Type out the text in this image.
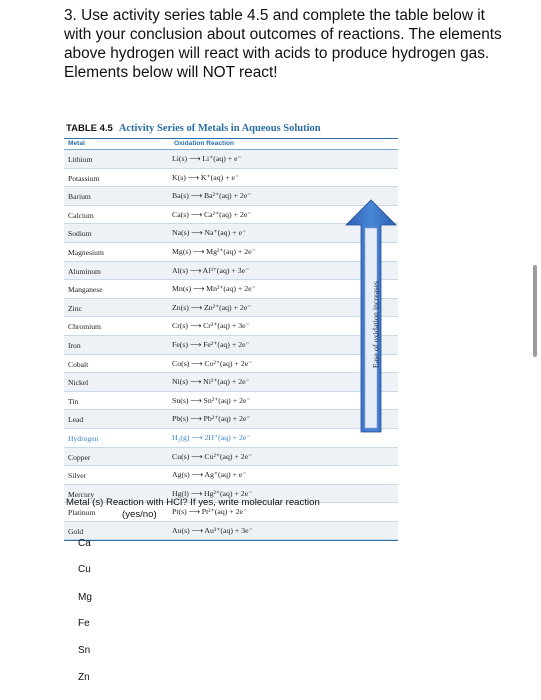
3. Use activity series table 4.5 and complete the table below it with your conclusion about outcomes of reactions. The elements above hydrogen will react with acids to produce hydrogen gas. Elements below will NOT react!
TABLE 4.5 Activity Series of Metals in Aqueous Solution
Metal	Oxidation Reaction
Lithium	Li(s) ⟶ Li⁺(aq) + e⁻
Potassium	K(s) ⟶ K⁺(aq) + e⁻
Barium	Ba(s) ⟶ Ba²⁺(aq) + 2e⁻
Calcium	Ca(s) ⟶ Ca²⁺(aq) + 2e⁻
Sodium	Na(s) ⟶ Na⁺(aq) + e⁻
Magnesium	Mg(s) ⟶ Mg²⁺(aq) + 2e⁻
Aluminum	Al(s) ⟶ Al³⁺(aq) + 3e⁻
Manganese	Mn(s) ⟶ Mn²⁺(aq) + 2e⁻
Zinc	Zn(s) ⟶ Zn²⁺(aq) + 2e⁻
Chromium	Cr(s) ⟶ Cr³⁺(aq) + 3e⁻
Iron	Fe(s) ⟶ Fe²⁺(aq) + 2e⁻
Cobalt	Co(s) ⟶ Co²⁺(aq) + 2e⁻
Nickel	Ni(s) ⟶ Ni²⁺(aq) + 2e⁻
Tin	Sn(s) ⟶ Sn²⁺(aq) + 2e⁻
Lead	Pb(s) ⟶ Pb²⁺(aq) + 2e⁻
Hydrogen	H₂(g) ⟶ 2H⁺(aq) + 2e⁻
Copper	Cu(s) ⟶ Cu²⁺(aq) + 2e⁻
Silver	Ag(s) ⟶ Ag⁺(aq) + e⁻
Mercury	Hg(l) ⟶ Hg²⁺(aq) + 2e⁻
Platinum	Pt(s) ⟶ Pt²⁺(aq) + 2e⁻
Gold	Au(s) ⟶ Au³⁺(aq) + 3e⁻
Ease of oxidation increases
Metal (s) Reaction with HCl? If yes, write molecular reaction
(yes/no)
Ca
Cu
Mg
Fe
Sn
Zn
